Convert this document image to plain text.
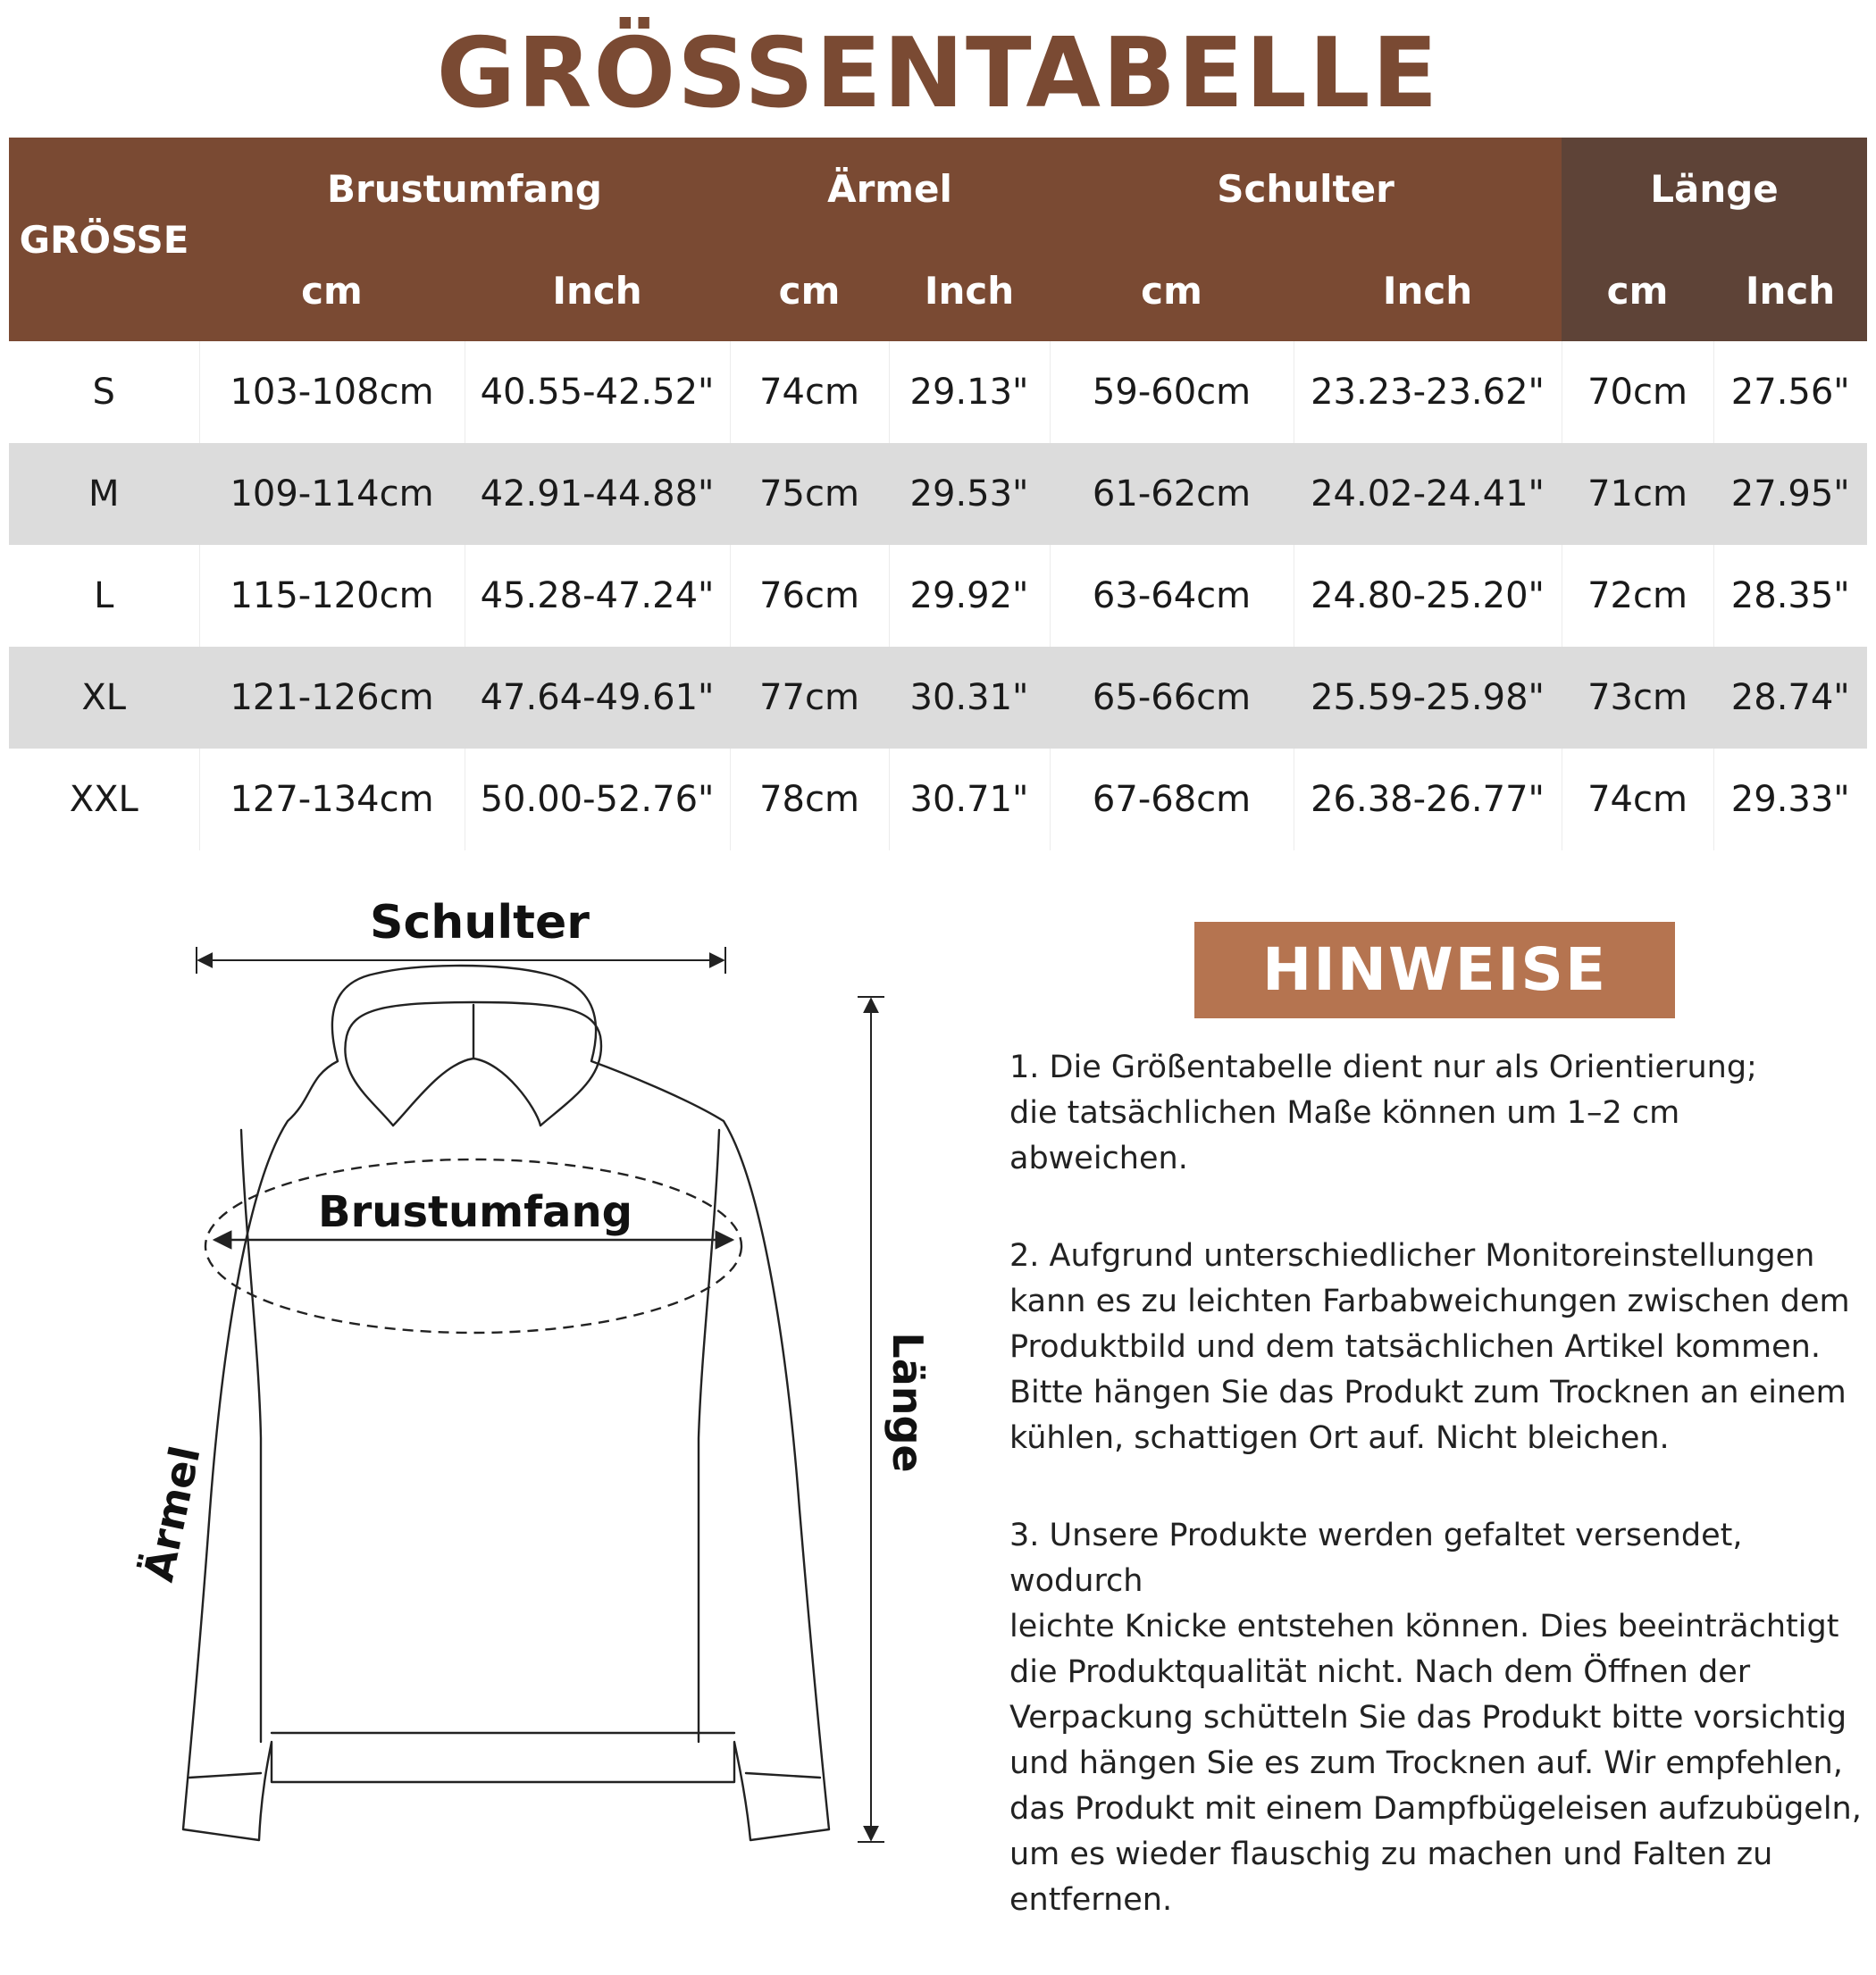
GRÖSSENTABELLE
GRÖSSE	Brustumfang		Ärmel		Schulter		Länge	
	cm	Inch	cm	Inch	cm	Inch	cm	Inch
S	103-108cm	40.55-42.52"	74cm	29.13"	59-60cm	23.23-23.62"	70cm	27.56"
M	109-114cm	42.91-44.88"	75cm	29.53"	61-62cm	24.02-24.41"	71cm	27.95"
L	115-120cm	45.28-47.24"	76cm	29.92"	63-64cm	24.80-25.20"	72cm	28.35"
XL	121-126cm	47.64-49.61"	77cm	30.31"	65-66cm	25.59-25.98"	73cm	28.74"
XXL	127-134cm	50.00-52.76"	78cm	30.71"	67-68cm	26.38-26.77"	74cm	29.33"
Schulter
Brustumfang
Länge
Ärmel
HINWEISE

1. Die Größentabelle dient nur als Orientierung;
die tatsächlichen Maße können um 1–2 cm abweichen.

2. Aufgrund unterschiedlicher Monitoreinstellungen
kann es zu leichten Farbabweichungen zwischen dem
Produktbild und dem tatsächlichen Artikel kommen.
Bitte hängen Sie das Produkt zum Trocknen an einem
kühlen, schattigen Ort auf. Nicht bleichen.

3. Unsere Produkte werden gefaltet versendet, wodurch
leichte Knicke entstehen können. Dies beeinträchtigt
die Produktqualität nicht. Nach dem Öffnen der
Verpackung schütteln Sie das Produkt bitte vorsichtig
und hängen Sie es zum Trocknen auf. Wir empfehlen,
das Produkt mit einem Dampfbügeleisen aufzubügeln,
um es wieder flauschig zu machen und Falten zu
entfernen.
